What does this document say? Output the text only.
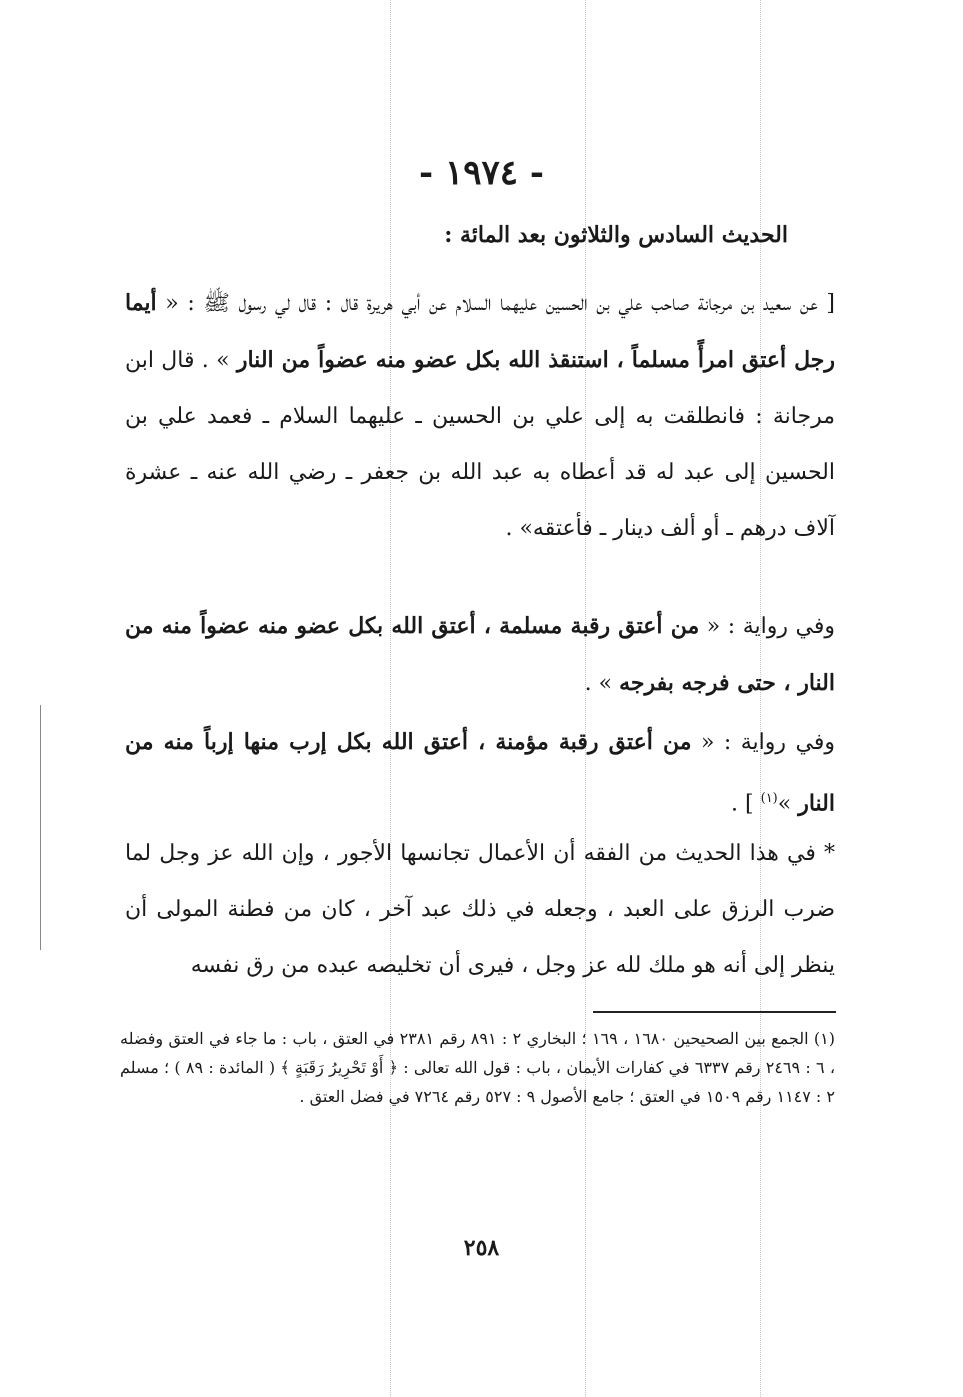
- ١٩٧٤ -
الحديث السادس والثلاثون بعد المائة :
[ عن سعيد بن مرجانة صاحب علي بن الحسين عليهما السلام عن أبي هريرة قال : قال لي رسول ﷺ : « أيما رجل أعتق امرأً مسلماً ، استنقذ الله بكل عضو منه عضواً من النار » . قال ابن مرجانة : فانطلقت به إلى علي بن الحسين ـ عليهما السلام ـ فعمد علي بن الحسين إلى عبد له قد أعطاه به عبد الله بن جعفر ـ رضي الله عنه ـ عشرة آلاف درهم ـ أو ألف دينار ـ فأعتقه» .
وفي رواية : « من أعتق رقبة مسلمة ، أعتق الله بكل عضو منه عضواً منه من النار ، حتى فرجه بفرجه » .
وفي رواية : « من أعتق رقبة مؤمنة ، أعتق الله بكل إرب منها إرباً منه من النار »$^{(١)}$ ] .
* في هذا الحديث من الفقه أن الأعمال تجانسها الأجور ، وإن الله عز وجل لما ضرب الرزق على العبد ، وجعله في ذلك عبد آخر ، كان من فطنة المولى أن ينظر إلى أنه هو ملك لله عز وجل ، فيرى أن تخليصه عبده من رق نفسه
(١) الجمع بين الصحيحين ١٦٨٠ ، ١٦٩ ؛ البخاري ٢ : ٨٩١ رقم ٢٣٨١ في العتق ، باب : ما جاء في العتق وفضله ، ٦ : ٢٤٦٩ رقم ٦٣٣٧ في كفارات الأيمان ، باب : قول الله تعالى : ﴿ أَوْ تَحْرِيرُ رَقَبَةٍ ﴾ ( المائدة : ٨٩ ) ؛ مسلم ٢ : ١١٤٧ رقم ١٥٠٩ في العتق ؛ جامع الأصول ٩ : ٥٢٧ رقم ٧٢٦٤ في فضل العتق .
٢٥٨
